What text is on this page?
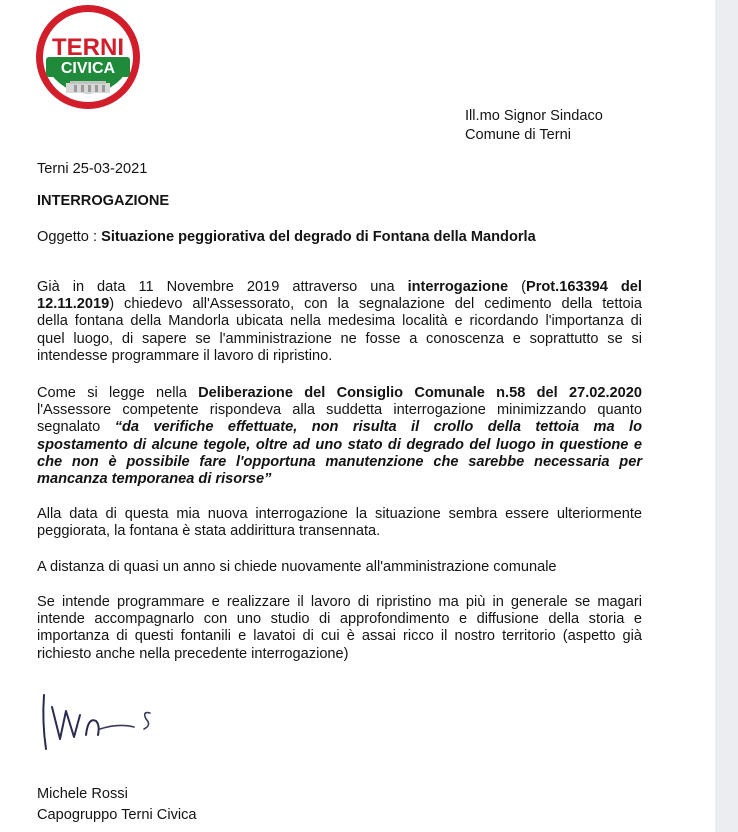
LISTA CIVICA
TERNI
CIVICA
Ill.mo Signor Sindaco
Comune di Terni
Terni 25-03-2021
INTERROGAZIONE
Oggetto : Situazione peggiorativa del degrado di Fontana della Mandorla
Già in data 11 Novembre 2019 attraverso una interrogazione (Prot.163394 del
12.11.2019) chiedevo all'Assessorato, con la segnalazione del cedimento della tettoia
della fontana della Mandorla ubicata nella medesima località e ricordando l'importanza di
quel luogo, di sapere se l'amministrazione ne fosse a conoscenza e soprattutto se si
intendesse programmare il lavoro di ripristino.
Come si legge nella Deliberazione del Consiglio Comunale n.58 del 27.02.2020
l'Assessore competente rispondeva alla suddetta interrogazione minimizzando quanto
segnalato “da verifiche effettuate, non risulta il crollo della tettoia ma lo
spostamento di alcune tegole, oltre ad uno stato di degrado del luogo in questione e
che non è possibile fare l'opportuna manutenzione che sarebbe necessaria per
mancanza temporanea di risorse”
Alla data di questa mia nuova interrogazione la situazione sembra essere ulteriormente
peggiorata, la fontana è stata addirittura transennata.
A distanza di quasi un anno si chiede nuovamente all'amministrazione comunale
Se intende programmare e realizzare il lavoro di ripristino ma più in generale se magari
intende accompagnarlo con uno studio di approfondimento e diffusione della storia e
importanza di questi fontanili e lavatoi di cui è assai ricco il nostro territorio (aspetto già
richiesto anche nella precedente interrogazione)
Michele Rossi
Capogruppo Terni Civica
